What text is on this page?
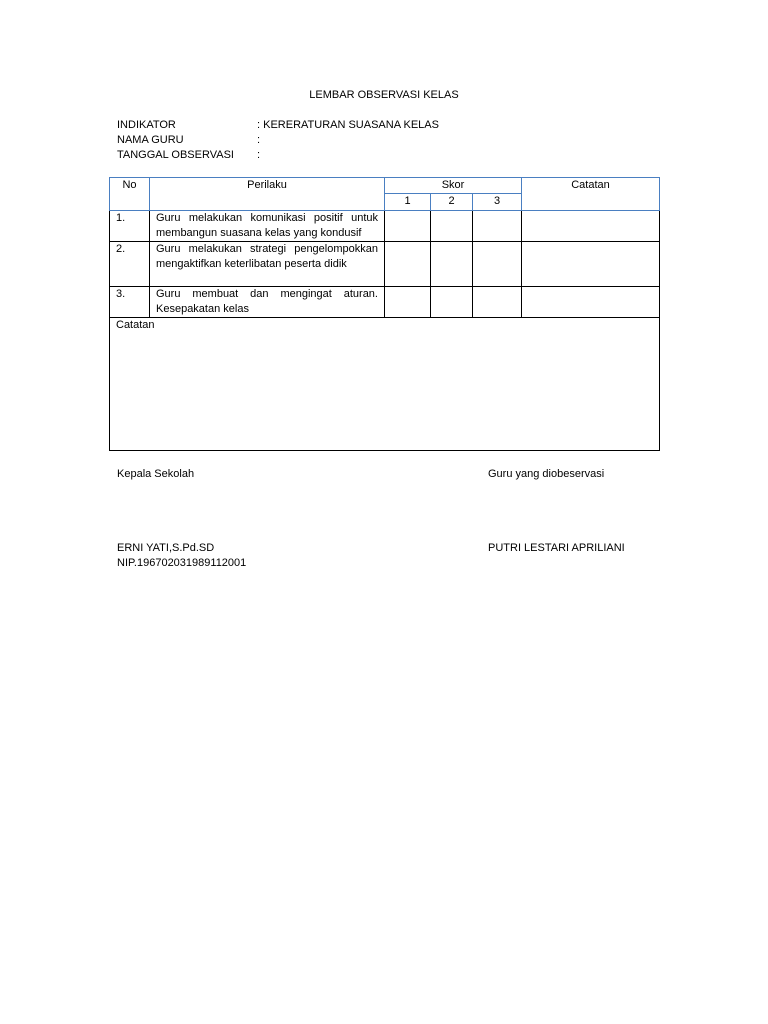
LEMBAR OBSERVASI KELAS
INDIKATOR	: KERERATURAN SUASANA KELAS
NAMA GURU	:
TANGGAL OBSERVASI :
No	Perilaku	Skor			Catatan
		1	2	3	
1.	Guru melakukan komunikasi positif untuk membangun suasana kelas yang kondusif				
2.	Guru melakukan strategi pengelompokkan mengaktifkan keterlibatan peserta didik				
3.	Guru membuat dan mengingat aturan. Kesepakatan kelas				
Catatan					
Kepala Sekolah	Guru yang diobeservasi
ERNI YATI,S.Pd.SD
NIP.196702031989112001
PUTRI LESTARI APRILIANI
